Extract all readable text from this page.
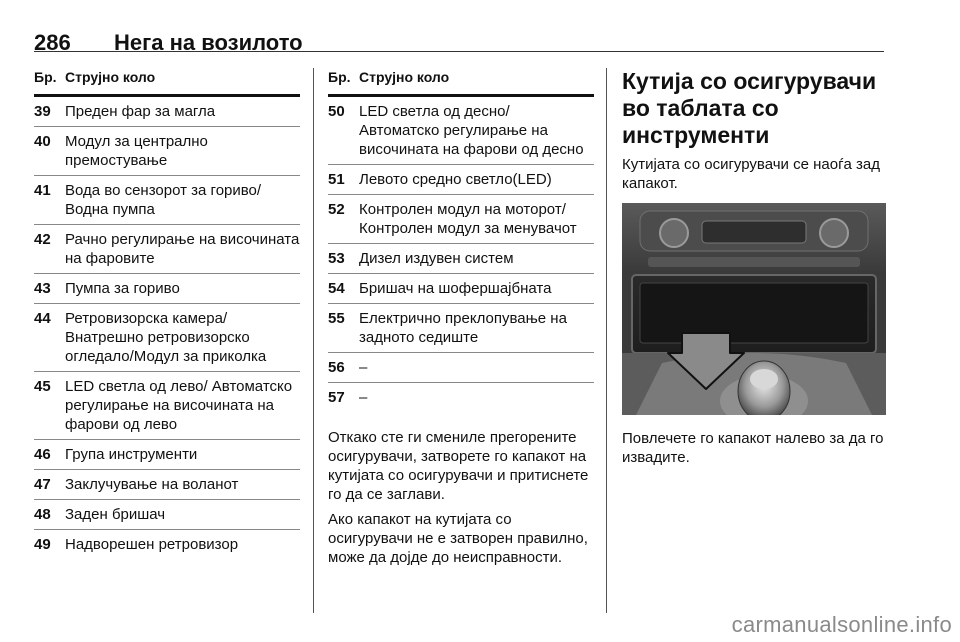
286 Нега на возилото
Бр. Струјно коло
39 Преден фар за магла
40 Модул за централно премостување
41 Вода во сензорот за гориво/ Водна пумпа
42 Рачно регулирање на височината на фаровите
43 Пумпа за гориво
44 Ретровизорска камера/ Внатрешно ретровизорско огледало/Модул за приколка
45 LED светла од лево/ Автоматско регулирање на височината на фарови од лево
46 Група инструменти
47 Заклучување на воланот
48 Заден бришач
49 Надворешен ретровизор
Бр. Струјно коло
50 LED светла од десно/ Автоматско регулирање на височината на фарови од десно
51 Левото средно светло(LED)
52 Контролен модул на моторот/ Контролен модул за менувачот
53 Дизел издувен систем
54 Бришач на шофершајбната
55 Електрично преклопување на задното седиште
56 –
57 –

Откако сте ги смениле прегорените осигурувачи, затворете го капакот на кутијата со осигурувачи и притиснете го да се заглави.

Ако капакот на кутијата со осигурувачи не е затворен правилно, може да дојде до неисправности.

Кутија со осигурувачи во таблата со инструменти

Кутијата со осигурувачи се наоѓа зад капакот.

Повлечете го капакот налево за да го извадите.

carmanualsonline.info
